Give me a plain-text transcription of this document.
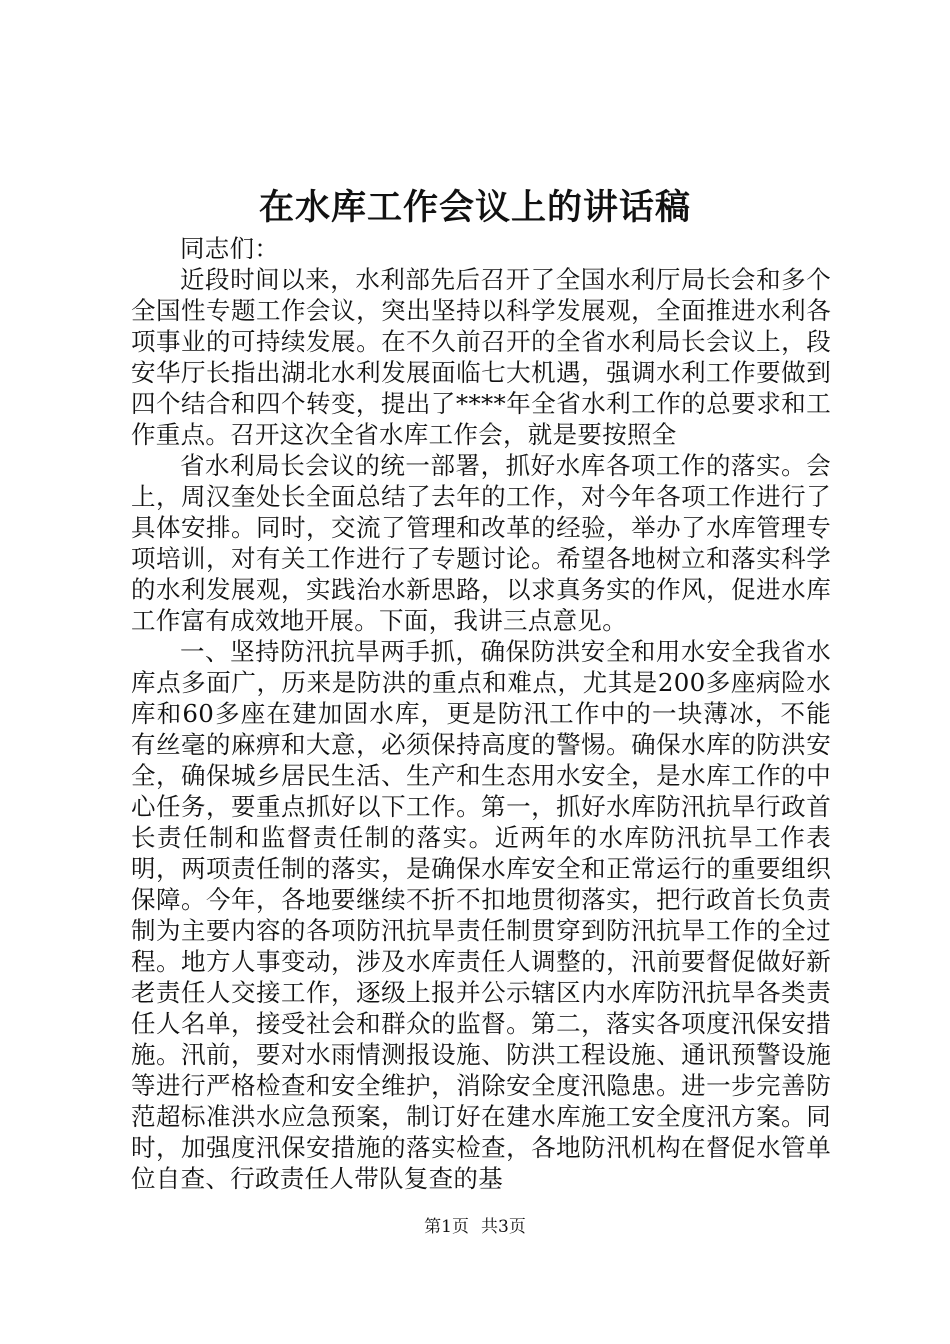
在水库工作会议上的讲话稿

同志们：

近段时间以来，水利部先后召开了全国水利厅局长会和多个全国性专题工作会议，突出坚持以科学发展观，全面推进水利各项事业的可持续发展。在不久前召开的全省水利局长会议上，段安华厅长指出湖北水利发展面临七大机遇，强调水利工作要做到四个结合和四个转变，提出了****年全省水利工作的总要求和工作重点。召开这次全省水库工作会，就是要按照全

省水利局长会议的统一部署，抓好水库各项工作的落实。会上，周汉奎处长全面总结了去年的工作，对今年各项工作进行了具体安排。同时，交流了管理和改革的经验，举办了水库管理专项培训，对有关工作进行了专题讨论。希望各地树立和落实科学的水利发展观，实践治水新思路，以求真务实的作风，促进水库工作富有成效地开展。下面，我讲三点意见。

一、坚持防汛抗旱两手抓，确保防洪安全和用水安全我省水库点多面广，历来是防洪的重点和难点，尤其是200多座病险水库和60多座在建加固水库，更是防汛工作中的一块薄冰，不能有丝毫的麻痹和大意，必须保持高度的警惕。确保水库的防洪安全，确保城乡居民生活、生产和生态用水安全，是水库工作的中心任务，要重点抓好以下工作。第一，抓好水库防汛抗旱行政首长责任制和监督责任制的落实。近两年的水库防汛抗旱工作表明，两项责任制的落实，是确保水库安全和正常运行的重要组织保障。今年，各地要继续不折不扣地贯彻落实，把行政首长负责制为主要内容的各项防汛抗旱责任制贯穿到防汛抗旱工作的全过程。地方人事变动，涉及水库责任人调整的，汛前要督促做好新老责任人交接工作，逐级上报并公示辖区内水库防汛抗旱各类责任人名单，接受社会和群众的监督。第二，落实各项度汛保安措施。汛前，要对水雨情测报设施、防洪工程设施、通讯预警设施等进行严格检查和安全维护，消除安全度汛隐患。进一步完善防范超标准洪水应急预案，制订好在建水库施工安全度汛方案。同时，加强度汛保安措施的落实检查，各地防汛机构在督促水管单位自查、行政责任人带队复查的基

第1页 共3页
